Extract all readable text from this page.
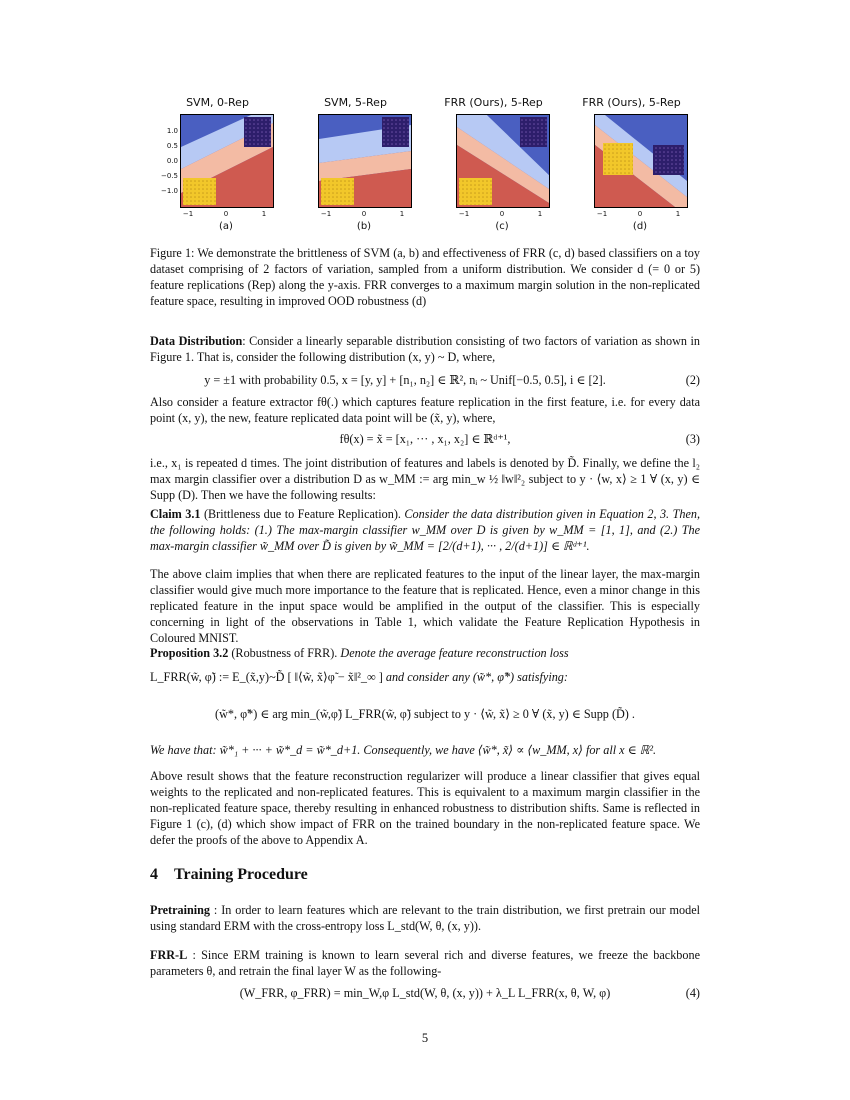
SVM, 0-Rep
1.0
0.5
0.0
−0.5
−1.0
−1	0	1
(a)
SVM, 5-Rep
−1	0	1
(b)
FRR (Ours), 5-Rep
−1	0	1
(c)
FRR (Ours), 5-Rep
−1	0	1
(d)
Figure 1: We demonstrate the brittleness of SVM (a, b) and effectiveness of FRR (c, d) based classifiers on a toy dataset comprising of 2 factors of variation, sampled from a uniform distribution. We consider d (= 0 or 5) feature replications (Rep) along the y-axis. FRR converges to a maximum margin solution in the non-replicated feature space, resulting in improved OOD robustness (d)
Data Distribution: Consider a linearly separable distribution consisting of two factors of variation as shown in Figure 1. That is, consider the following distribution (x, y) ~ D, where,
y = ±1 with probability 0.5, x = [y, y] + [n₁, n₂] ∈ ℝ², nᵢ ~ Unif[−0.5, 0.5], i ∈ [2].	(2)
Also consider a feature extractor fθ(.) which captures feature replication in the first feature, i.e. for every data point (x, y), the new, feature replicated data point will be (x̃, y), where,
fθ(x) = x̃ = [x₁, ··· , x₁, x₂] ∈ ℝᵈ⁺¹,	(3)
i.e., x₁ is repeated d times. The joint distribution of features and labels is denoted by D̃. Finally, we define the l₂ max margin classifier over a distribution D as w_MM := arg min_w ½ ‖w‖²₂ subject to y · ⟨w, x⟩ ≥ 1 ∀ (x, y) ∈ Supp (D). Then we have the following results:
Claim 3.1 (Brittleness due to Feature Replication). Consider the data distribution given in Equation 2, 3. Then, the following holds: (1.) The max-margin classifier w_MM over D is given by w_MM = [1, 1], and (2.) The max-margin classifier w̃_MM over D̃ is given by w̃_MM = [2/(d+1), ··· , 2/(d+1)] ∈ ℝᵈ⁺¹.
The above claim implies that when there are replicated features to the input of the linear layer, the max-margin classifier would give much more importance to the feature that is replicated. Hence, even a minor change in this replicated feature in the input space would be amplified in the output of the classifier. This is especially concerning in light of the observations in Table 1, which validate the Feature Replication Hypothesis in Coloured MNIST.
Proposition 3.2 (Robustness of FRR). Denote the average feature reconstruction loss
L_FRR(w̃, φ̃) := E_(x̃,y)~D̃ [ ‖⟨w̃, x̃⟩φ̃ − x̃‖²_∞ ] and consider any (w̃*, φ̃*) satisfying:
(w̃*, φ̃*) ∈ arg min_(w̃,φ̃) L_FRR(w̃, φ̃) subject to y · ⟨w̃, x̃⟩ ≥ 0 ∀ (x̃, y) ∈ Supp (D̃) .
We have that: w̃*₁ + ··· + w̃*_d = w̃*_d+1. Consequently, we have ⟨w̃*, x̃⟩ ∝ ⟨w_MM, x⟩ for all x ∈ ℝ².
Above result shows that the feature reconstruction regularizer will produce a linear classifier that gives equal weights to the replicated and non-replicated features. This is equivalent to a maximum margin classifier in the non-replicated feature space, thereby resulting in enhanced robustness to distribution shifts. Same is reflected in Figure 1 (c), (d) which show impact of FRR on the trained boundary in the non-replicated feature space. We defer the proofs of the above to Appendix A.
4 Training Procedure
Pretraining : In order to learn features which are relevant to the train distribution, we first pretrain our model using standard ERM with the cross-entropy loss L_std(W, θ, (x, y)).
FRR-L : Since ERM training is known to learn several rich and diverse features, we freeze the backbone parameters θ, and retrain the final layer W as the following-
(W_FRR, φ_FRR) = min_W,φ L_std(W, θ, (x, y)) + λ_L L_FRR(x, θ, W, φ)	(4)
5
